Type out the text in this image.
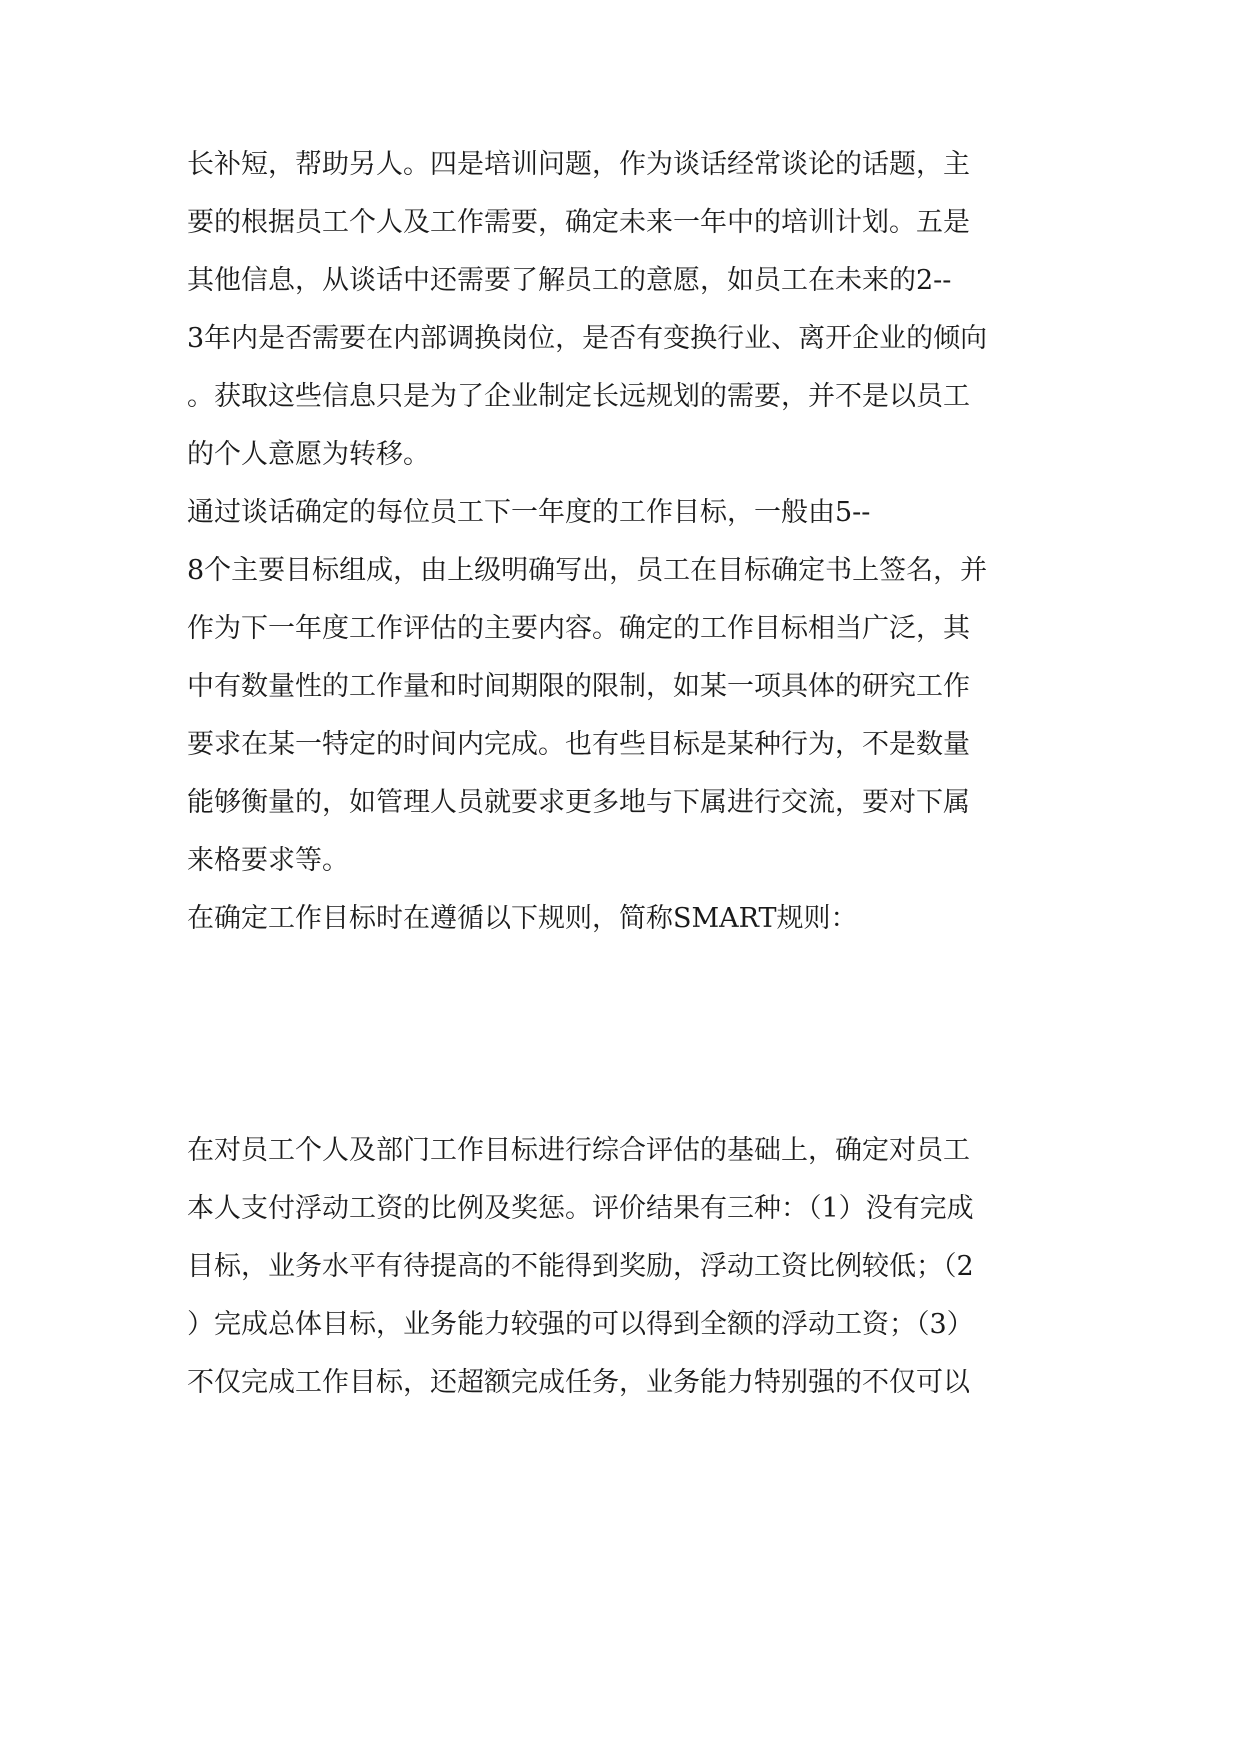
长补短，帮助另人。四是培训问题，作为谈话经常谈论的话题，主
要的根据员工个人及工作需要，确定未来一年中的培训计划。五是
其他信息，从谈话中还需要了解员工的意愿，如员工在未来的2--
3年内是否需要在内部调换岗位，是否有变换行业、离开企业的倾向
。获取这些信息只是为了企业制定长远规划的需要，并不是以员工
的个人意愿为转移。
通过谈话确定的每位员工下一年度的工作目标，一般由5--
8个主要目标组成，由上级明确写出，员工在目标确定书上签名，并
作为下一年度工作评估的主要内容。确定的工作目标相当广泛，其
中有数量性的工作量和时间期限的限制，如某一项具体的研究工作
要求在某一特定的时间内完成。也有些目标是某种行为，不是数量
能够衡量的，如管理人员就要求更多地与下属进行交流，要对下属
来格要求等。
在确定工作目标时在遵循以下规则，简称SMART规则：
在对员工个人及部门工作目标进行综合评估的基础上，确定对员工
本人支付浮动工资的比例及奖惩。评价结果有三种：（1）没有完成
目标，业务水平有待提高的不能得到奖励，浮动工资比例较低；（2
）完成总体目标，业务能力较强的可以得到全额的浮动工资；（3）
不仅完成工作目标，还超额完成任务，业务能力特别强的不仅可以
